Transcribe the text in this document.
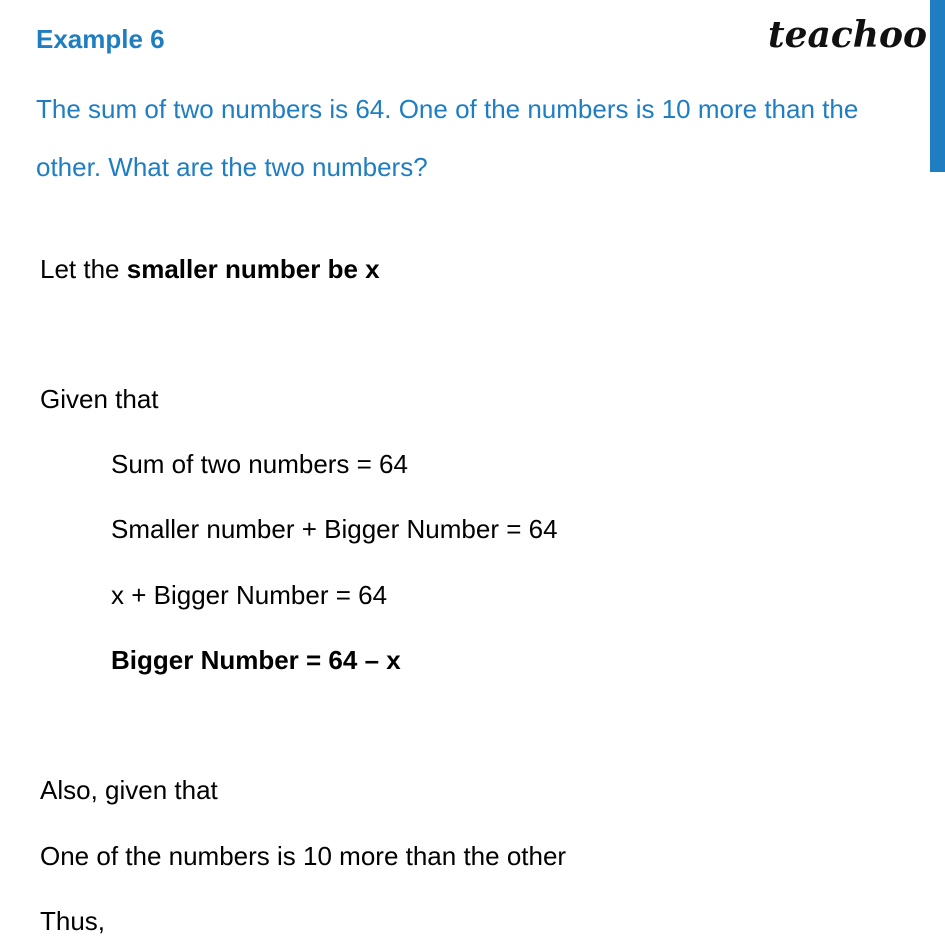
Example 6	teachoo
The sum of two numbers is 64. One of the numbers is 10 more than the other. What are the two numbers?
Let the smaller number be x
Given that
Sum of two numbers = 64
Smaller number + Bigger Number = 64
x + Bigger Number = 64
Bigger Number = 64 – x
Also, given that
One of the numbers is 10 more than the other
Thus,
